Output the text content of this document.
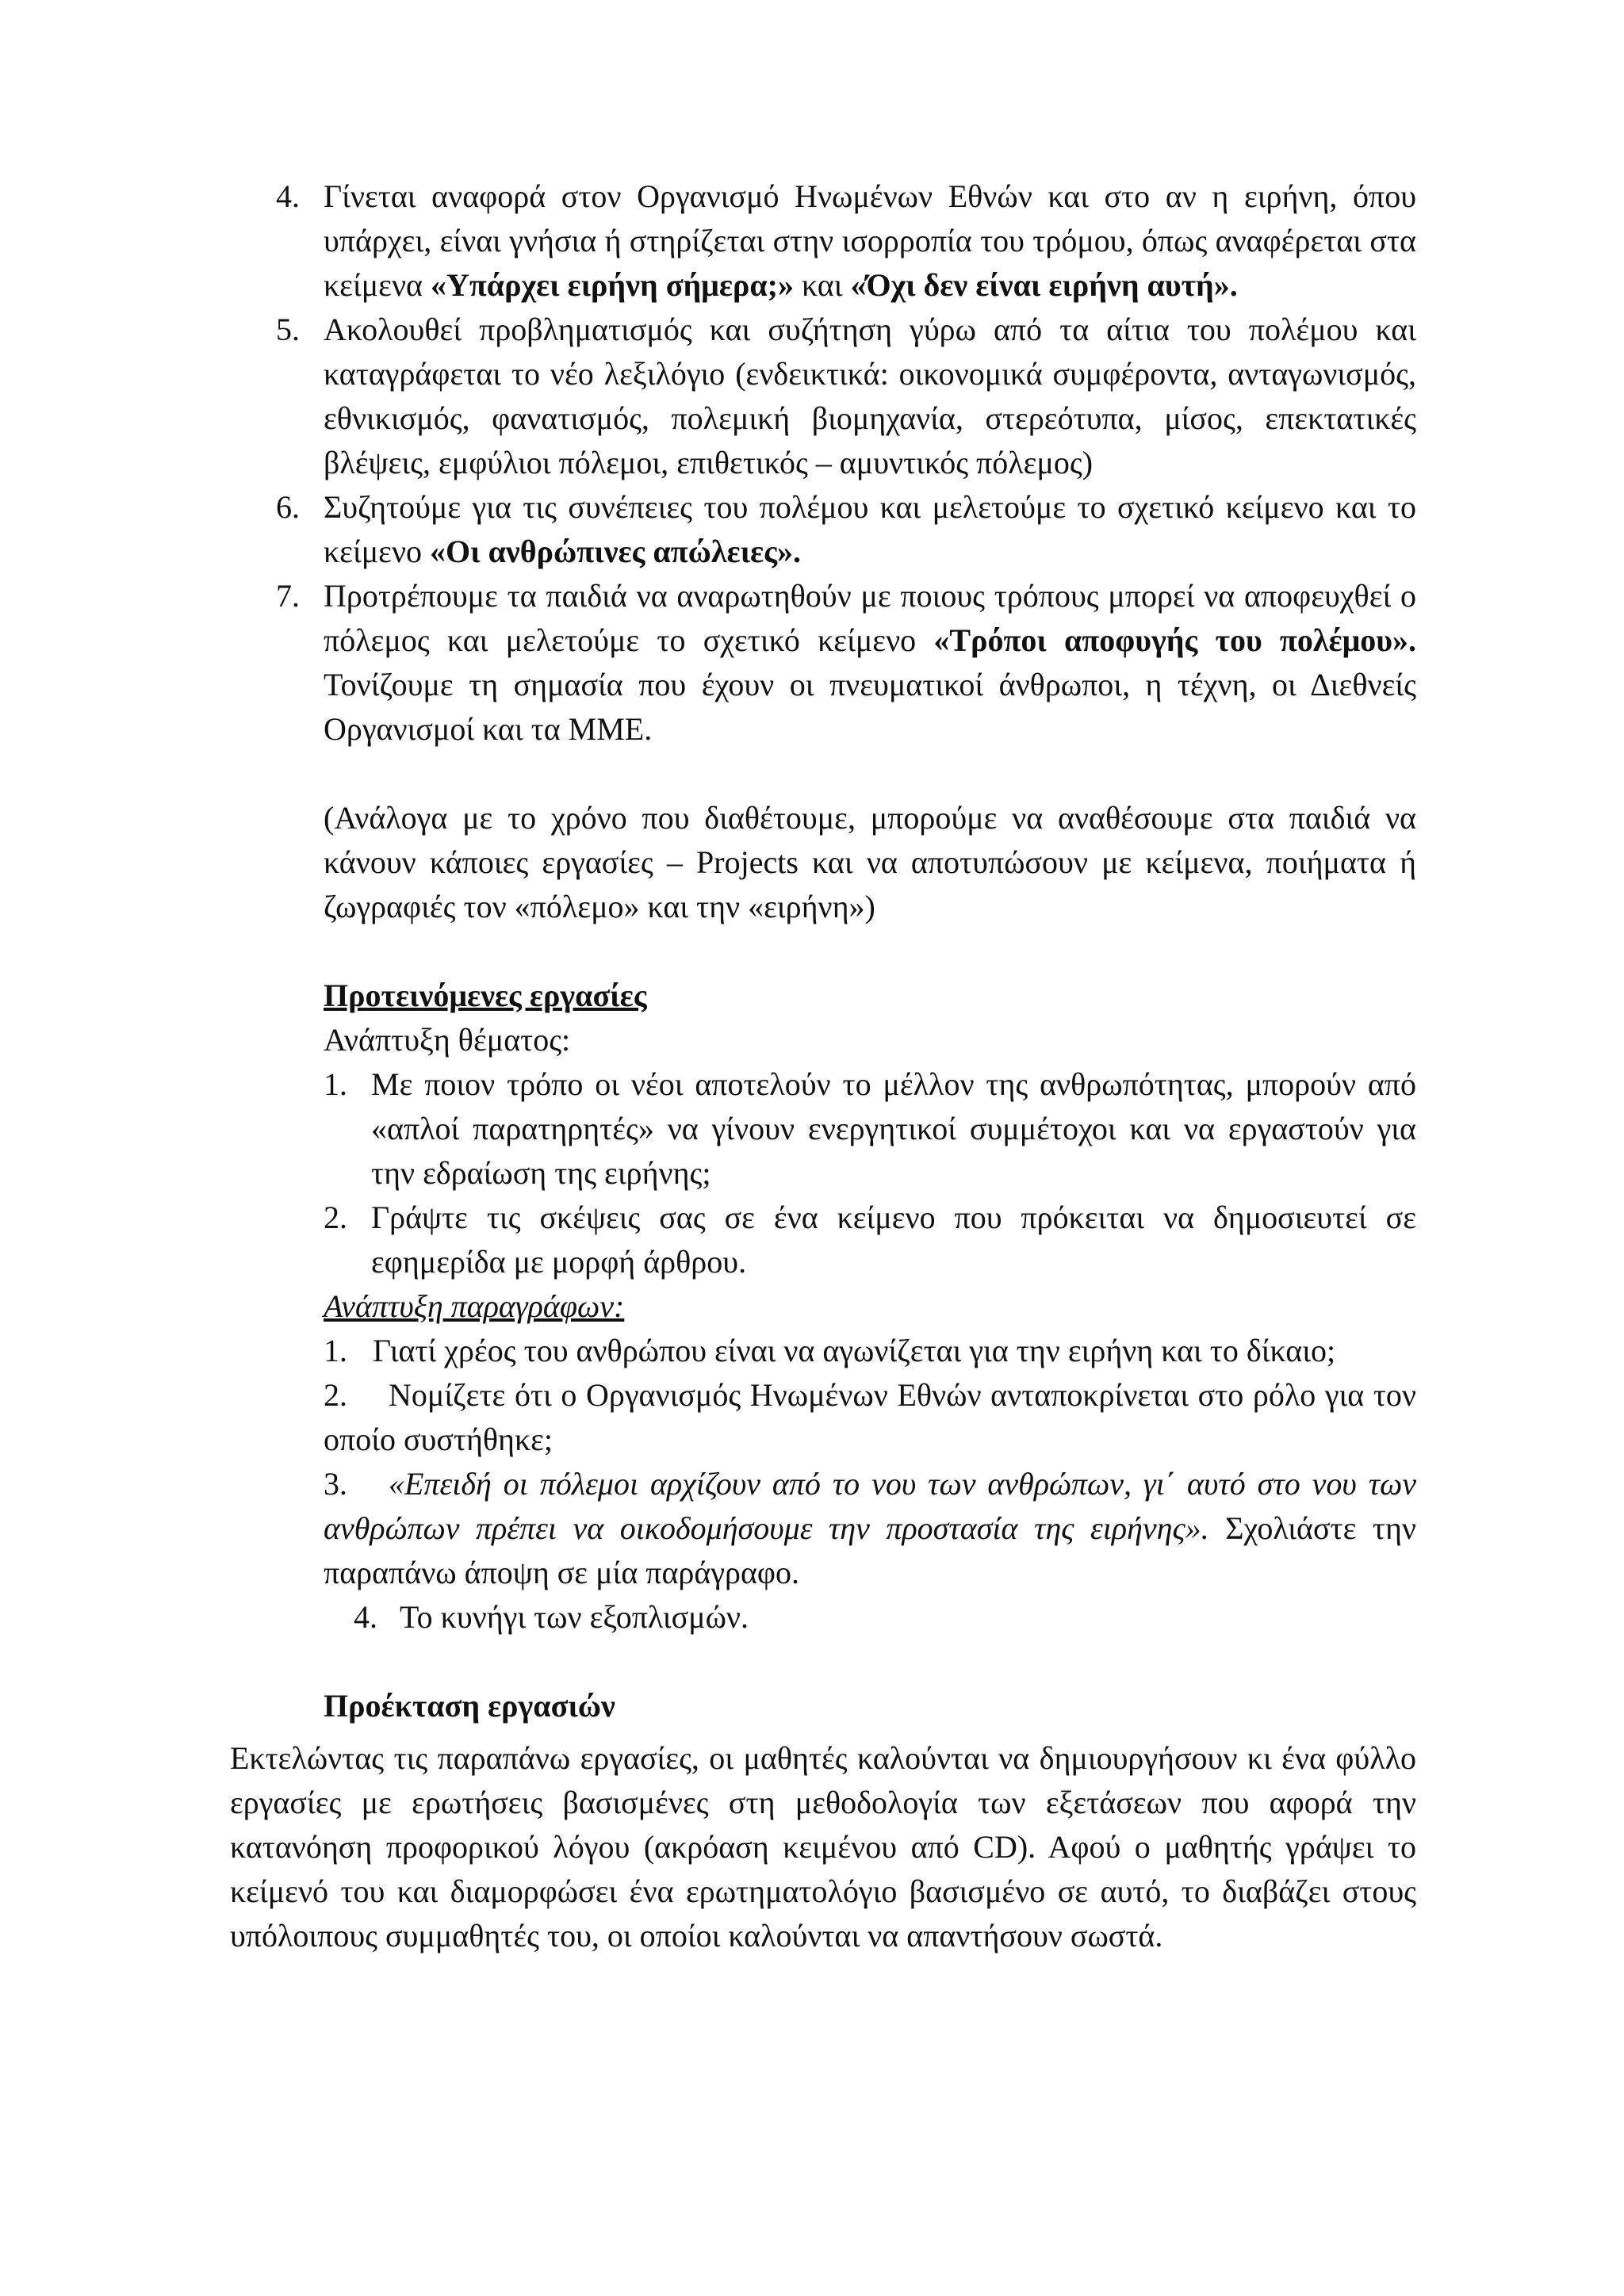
4. Γίνεται αναφορά στον Οργανισμό Ηνωμένων Εθνών και στο αν η ειρήνη, όπου υπάρχει, είναι γνήσια ή στηρίζεται στην ισορροπία του τρόμου, όπως αναφέρεται στα κείμενα «Υπάρχει ειρήνη σήμερα;» και «Όχι δεν είναι ειρήνη αυτή».
5. Ακολουθεί προβληματισμός και συζήτηση γύρω από τα αίτια του πολέμου και καταγράφεται το νέο λεξιλόγιο (ενδεικτικά: οικονομικά συμφέροντα, ανταγωνισμός, εθνικισμός, φανατισμός, πολεμική βιομηχανία, στερεότυπα, μίσος, επεκτατικές βλέψεις, εμφύλιοι πόλεμοι, επιθετικός – αμυντικός πόλεμος)
6. Συζητούμε για τις συνέπειες του πολέμου και μελετούμε το σχετικό κείμενο και το κείμενο «Οι ανθρώπινες απώλειες».
7. Προτρέπουμε τα παιδιά να αναρωτηθούν με ποιους τρόπους μπορεί να αποφευχθεί ο πόλεμος και μελετούμε το σχετικό κείμενο «Τρόποι αποφυγής του πολέμου». Τονίζουμε τη σημασία που έχουν οι πνευματικοί άνθρωποι, η τέχνη, οι Διεθνείς Οργανισμοί και τα ΜΜΕ.
(Ανάλογα με το χρόνο που διαθέτουμε, μπορούμε να αναθέσουμε στα παιδιά να κάνουν κάποιες εργασίες – Projects και να αποτυπώσουν με κείμενα, ποιήματα ή ζωγραφιές τον «πόλεμο» και την «ειρήνη»)
Προτεινόμενες εργασίες
Ανάπτυξη θέματος:
1. Με ποιον τρόπο οι νέοι αποτελούν το μέλλον της ανθρωπότητας, μπορούν από «απλοί παρατηρητές» να γίνουν ενεργητικοί συμμέτοχοι και να εργαστούν για την εδραίωση της ειρήνης;
2. Γράψτε τις σκέψεις σας σε ένα κείμενο που πρόκειται να δημοσιευτεί σε εφημερίδα με μορφή άρθρου.
Ανάπτυξη παραγράφων:
1. Γιατί χρέος του ανθρώπου είναι να αγωνίζεται για την ειρήνη και το δίκαιο;
2. Νομίζετε ότι ο Οργανισμός Ηνωμένων Εθνών ανταποκρίνεται στο ρόλο για τον οποίο συστήθηκε;
3. «Επειδή οι πόλεμοι αρχίζουν από το νου των ανθρώπων, γι΄ αυτό στο νου των ανθρώπων πρέπει να οικοδομήσουμε την προστασία της ειρήνης». Σχολιάστε την παραπάνω άποψη σε μία παράγραφο.
4. Το κυνήγι των εξοπλισμών.
Προέκταση εργασιών
Εκτελώντας τις παραπάνω εργασίες, οι μαθητές καλούνται να δημιουργήσουν κι ένα φύλλο εργασίες με ερωτήσεις βασισμένες στη μεθοδολογία των εξετάσεων που αφορά την κατανόηση προφορικού λόγου (ακρόαση κειμένου από CD). Αφού ο μαθητής γράψει το κείμενό του και διαμορφώσει ένα ερωτηματολόγιο βασισμένο σε αυτό, το διαβάζει στους υπόλοιπους συμμαθητές του, οι οποίοι καλούνται να απαντήσουν σωστά.
